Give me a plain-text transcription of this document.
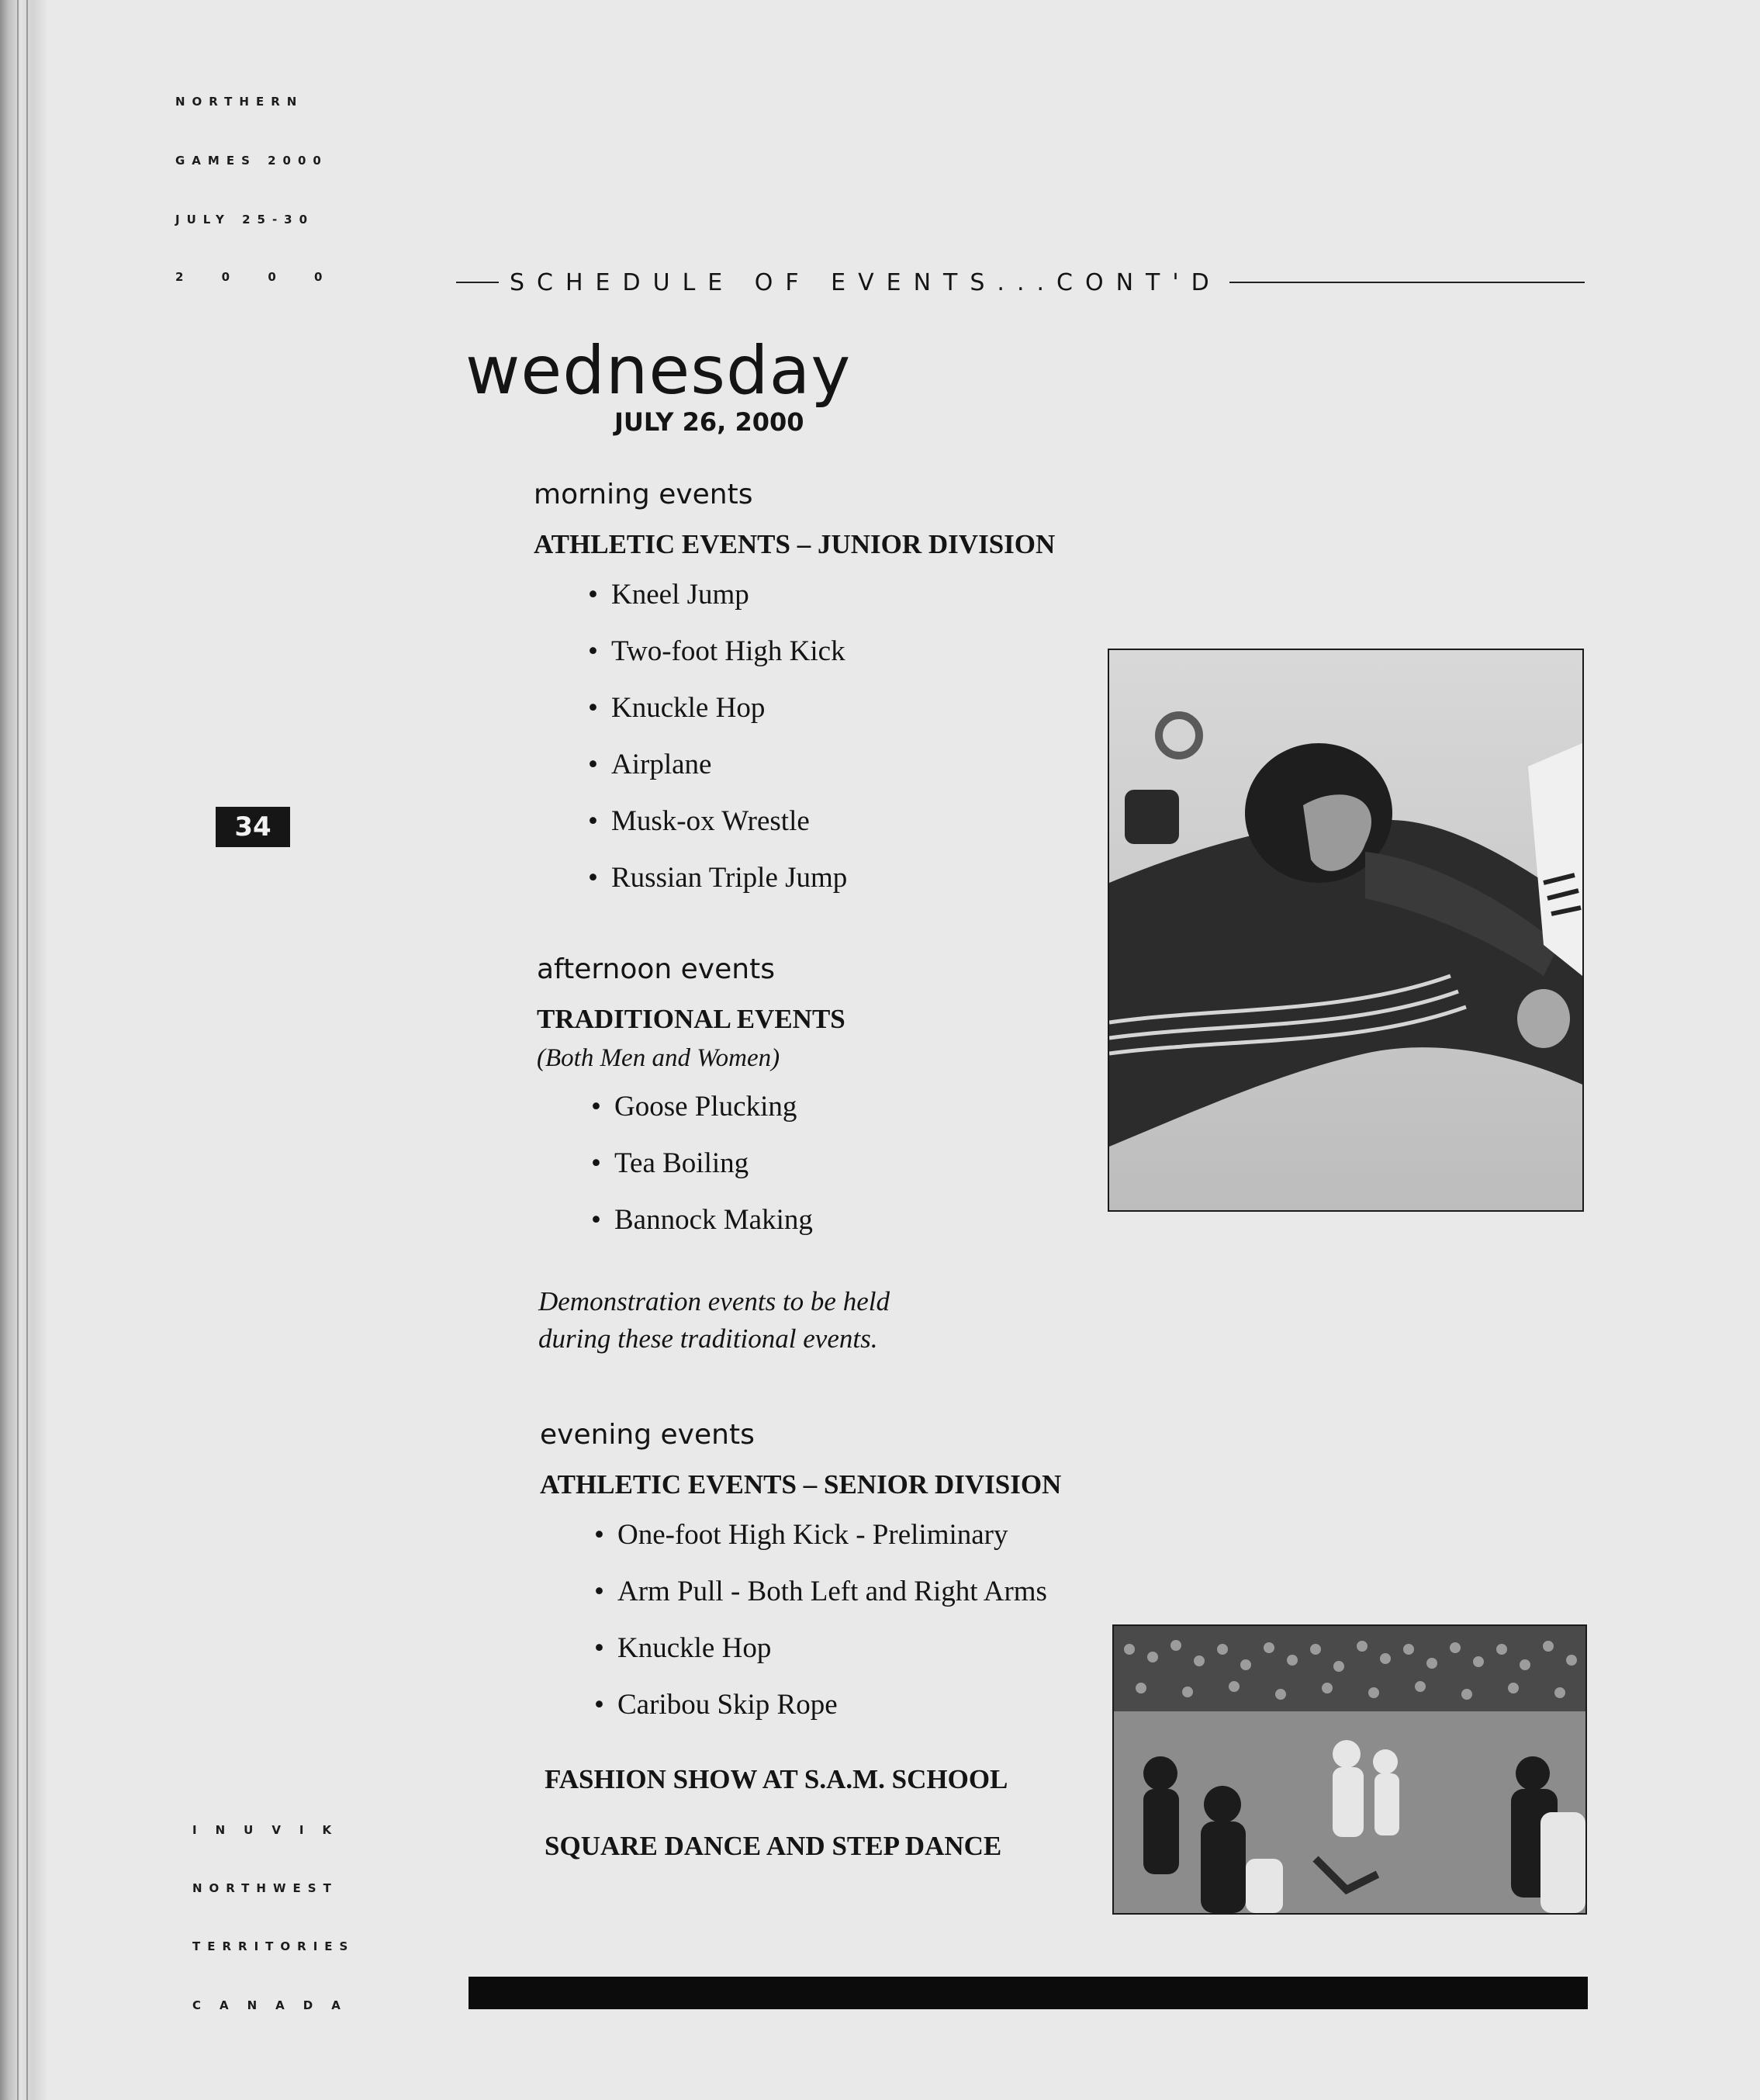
NORTHERN
GAMES 2000
JULY 25-30
2 0 0 0
34
INUVIK
NORTHWEST
TERRITORIES
CANADA
SCHEDULE OF EVENTS...CONT'D
wednesday
JULY 26, 2000
morning events
ATHLETIC EVENTS – JUNIOR DIVISION
• Kneel Jump
• Two-foot High Kick
• Knuckle Hop
• Airplane
• Musk-ox Wrestle
• Russian Triple Jump
afternoon events
TRADITIONAL EVENTS
(Both Men and Women)
• Goose Plucking
• Tea Boiling
• Bannock Making
Demonstration events to be held
during these traditional events.
evening events
ATHLETIC EVENTS – SENIOR DIVISION
• One-foot High Kick - Preliminary
• Arm Pull - Both Left and Right Arms
• Knuckle Hop
• Caribou Skip Rope
FASHION SHOW AT S.A.M. SCHOOL
SQUARE DANCE AND STEP DANCE
